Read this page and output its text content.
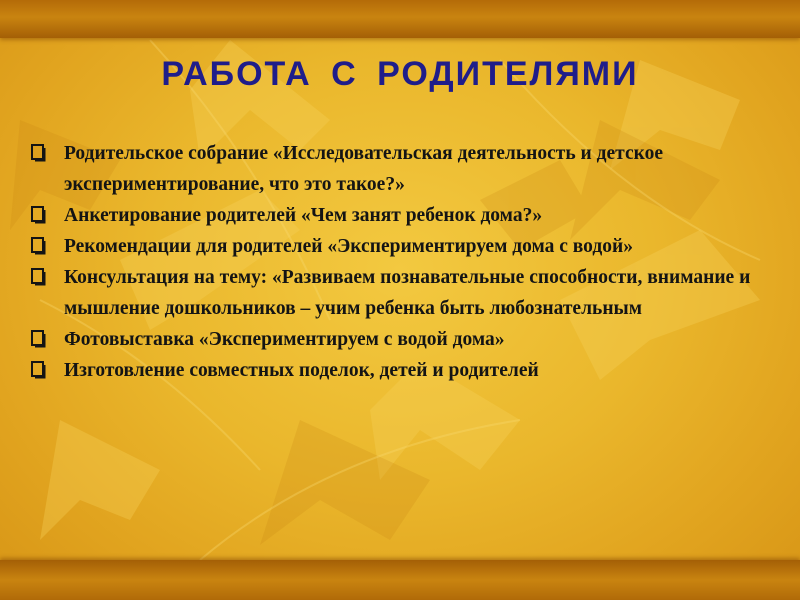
РАБОТА С РОДИТЕЛЯМИ
Родительское собрание «Исследовательская деятельность и детское экспериментирование, что это такое?»
Анкетирование родителей «Чем занят ребенок дома?»
Рекомендации для родителей «Экспериментируем дома с водой»
Консультация на тему: «Развиваем познавательные способности, внимание и мышление дошкольников – учим ребенка быть любознательным
Фотовыставка «Экспериментируем с водой дома»
Изготовление совместных поделок, детей и родителей
